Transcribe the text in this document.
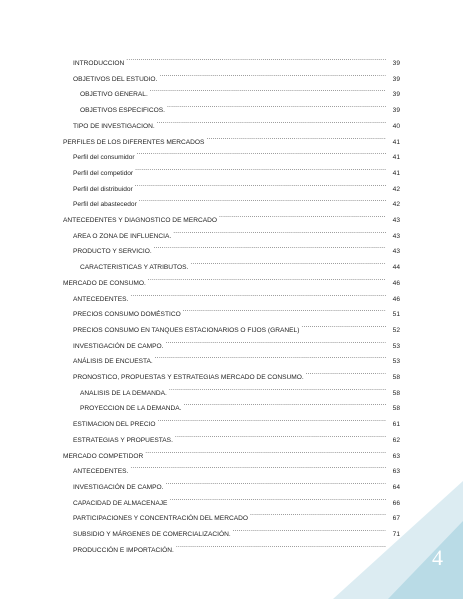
INTRODUCCION .....	39
OBJETIVOS DEL ESTUDIO. .....	39
OBJETIVO GENERAL. .....	39
OBJETIVOS ESPECIFICOS. .....	39
TIPO DE INVESTIGACION. .....	40
PERFILES DE LOS DIFERENTES MERCADOS .....	41
Perfil del consumidor .....	41
Perfil del competidor .....	41
Perfil del distribuidor .....	42
Perfil del abastecedor .....	42
ANTECEDENTES Y DIAGNOSTICO DE MERCADO .....	43
AREA O ZONA DE INFLUENCIA. .....	43
PRODUCTO Y SERVICIO. .....	43
CARACTERISTICAS Y ATRIBUTOS. .....	44
MERCADO DE CONSUMO. .....	46
ANTECEDENTES. .....	46
PRECIOS CONSUMO DOMÉSTICO .....	51
PRECIOS CONSUMO EN TANQUES ESTACIONARIOS O FIJOS (GRANEL) .....	52
INVESTIGACIÓN DE CAMPO. .....	53
ANÁLISIS DE ENCUESTA. .....	53
PRONOSTICO, PROPUESTAS Y ESTRATEGIAS MERCADO DE CONSUMO. .....	58
ANALISIS DE LA DEMANDA. .....	58
PROYECCION DE LA DEMANDA. .....	58
ESTIMACION DEL PRECIO .....	61
ESTRATEGIAS Y PROPUESTAS. .....	62
MERCADO COMPETIDOR .....	63
ANTECEDENTES. .....	63
INVESTIGACIÓN DE CAMPO. .....	64
CAPACIDAD DE ALMACENAJE .....	66
PARTICIPACIONES Y CONCENTRACIÓN DEL MERCADO .....	67
SUBSIDIO Y MÁRGENES DE COMERCIALIZACIÓN. .....	71
PRODUCCIÓN E IMPORTACIÓN. .....	4
